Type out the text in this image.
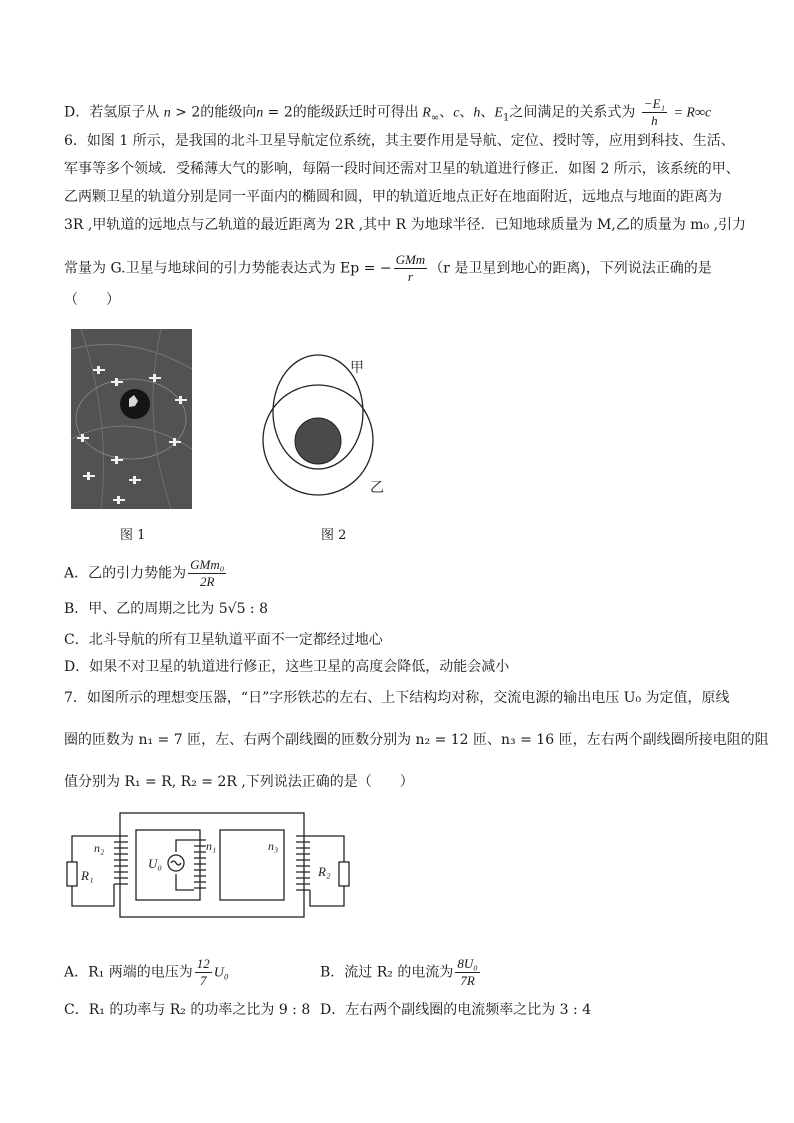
D．若氢原子从 n > 2的能级向n = 2的能级跃迁时可得出 $R_\infty$、c、h、$E_1$之间满足的关系式为 $\frac{\text{−E₁}}{h} = R\infty c$
6．如图 1 所示，是我国的北斗卫星导航定位系统，其主要作用是导航、定位、授时等，应用到科技、生活、
军事等多个领域．受稀薄大气的影响，每隔一段时间还需对卫星的轨道进行修正．如图 2 所示，该系统的甲、
乙两颗卫星的轨道分别是同一平面内的椭圆和圆，甲的轨道近地点正好在地面附近，远地点与地面的距离为
3R ,甲轨道的远地点与乙轨道的最近距离为 2R ,其中 R 为地球半径．已知地球质量为 M,乙的质量为 m₀ ,引力
常量为 G.卫星与地球间的引力势能表达式为 Ep = − $\frac{\text{GMm}}{r} (r$ 是卫星到地心的距离)，下列说法正确的是
（　　）
图 1
甲
乙
图 2
A．乙的引力势能为 $\frac{\text{GMm₀}}{2R}$
B．甲、乙的周期之比为 5√5 : 8
C．北斗导航的所有卫星轨道平面不一定都经过地心
D．如果不对卫星的轨道进行修正，这些卫星的高度会降低，动能会减小
7．如图所示的理想变压器，“日”字形铁芯的左右、上下结构均对称，交流电源的输出电压 U₀ 为定值，原线
圈的匝数为 n₁ = 7 匝，左、右两个副线圈的匝数分别为 n₂ = 12 匝、n₃ = 16 匝，左右两个副线圈所接电阻的阻
值分别为 R₁ = R, R₂ = 2R ,下列说法正确的是（　　）
n₂
R₁
U₀
n₁	n₃
R₂
A．R₁ 两端的电压为 $\frac{12}{7} U_0$	B．流过 R₂ 的电流为 $\frac{\text{8U₀}}{7R}$
C．R₁ 的功率与 R₂ 的功率之比为 9 : 8 D．左右两个副线圈的电流频率之比为 3 : 4
